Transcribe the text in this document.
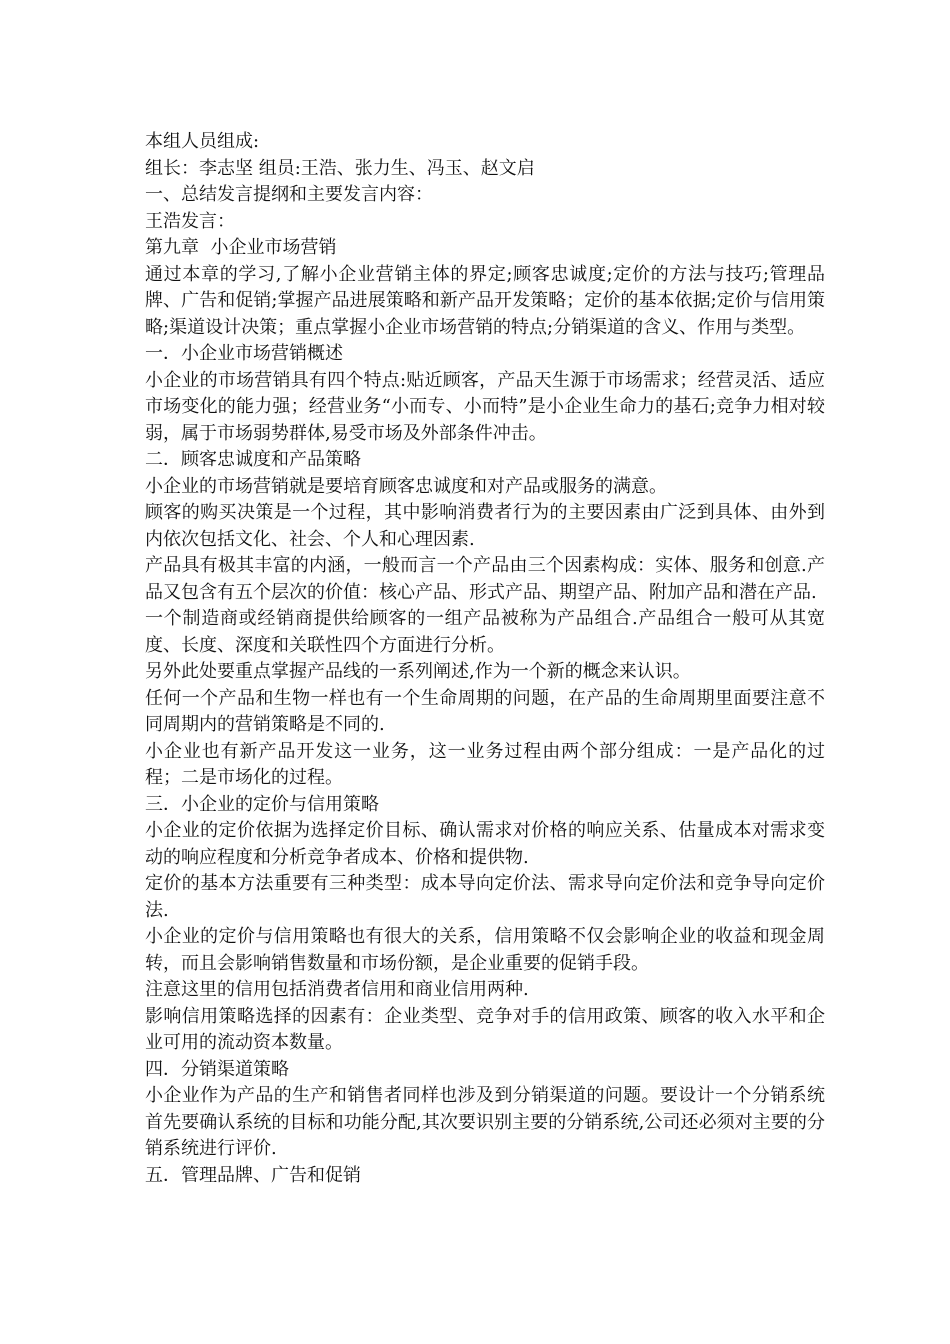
本组人员组成:
组长：李志坚 组员:王浩、张力生、冯玉、赵文启
一、总结发言提纲和主要发言内容：
王浩发言：
第九章  小企业市场营销
通过本章的学习,了解小企业营销主体的界定;顾客忠诚度;定价的方法与技巧;管理品牌、广告和促销;掌握产品进展策略和新产品开发策略；定价的基本依据;定价与信用策略;渠道设计决策；重点掌握小企业市场营销的特点;分销渠道的含义、作用与类型。
一．小企业市场营销概述
小企业的市场营销具有四个特点:贴近顾客，产品天生源于市场需求；经营灵活、适应市场变化的能力强；经营业务“小而专、小而特”是小企业生命力的基石;竞争力相对较弱，属于市场弱势群体,易受市场及外部条件冲击。
二．顾客忠诚度和产品策略
小企业的市场营销就是要培育顾客忠诚度和对产品或服务的满意。
顾客的购买决策是一个过程，其中影响消费者行为的主要因素由广泛到具体、由外到内依次包括文化、社会、个人和心理因素.
产品具有极其丰富的内涵，一般而言一个产品由三个因素构成：实体、服务和创意.产品又包含有五个层次的价值：核心产品、形式产品、期望产品、附加产品和潜在产品.
一个制造商或经销商提供给顾客的一组产品被称为产品组合.产品组合一般可从其宽度、长度、深度和关联性四个方面进行分析。
另外此处要重点掌握产品线的一系列阐述,作为一个新的概念来认识。
任何一个产品和生物一样也有一个生命周期的问题，在产品的生命周期里面要注意不同周期内的营销策略是不同的.
小企业也有新产品开发这一业务，这一业务过程由两个部分组成：一是产品化的过程；二是市场化的过程。
三．小企业的定价与信用策略
小企业的定价依据为选择定价目标、确认需求对价格的响应关系、估量成本对需求变动的响应程度和分析竞争者成本、价格和提供物.
定价的基本方法重要有三种类型：成本导向定价法、需求导向定价法和竞争导向定价法.
小企业的定价与信用策略也有很大的关系，信用策略不仅会影响企业的收益和现金周转，而且会影响销售数量和市场份额，是企业重要的促销手段。
注意这里的信用包括消费者信用和商业信用两种.
影响信用策略选择的因素有：企业类型、竞争对手的信用政策、顾客的收入水平和企业可用的流动资本数量。
四．分销渠道策略
小企业作为产品的生产和销售者同样也涉及到分销渠道的问题。要设计一个分销系统首先要确认系统的目标和功能分配,其次要识别主要的分销系统,公司还必须对主要的分销系统进行评价.
五．管理品牌、广告和促销
